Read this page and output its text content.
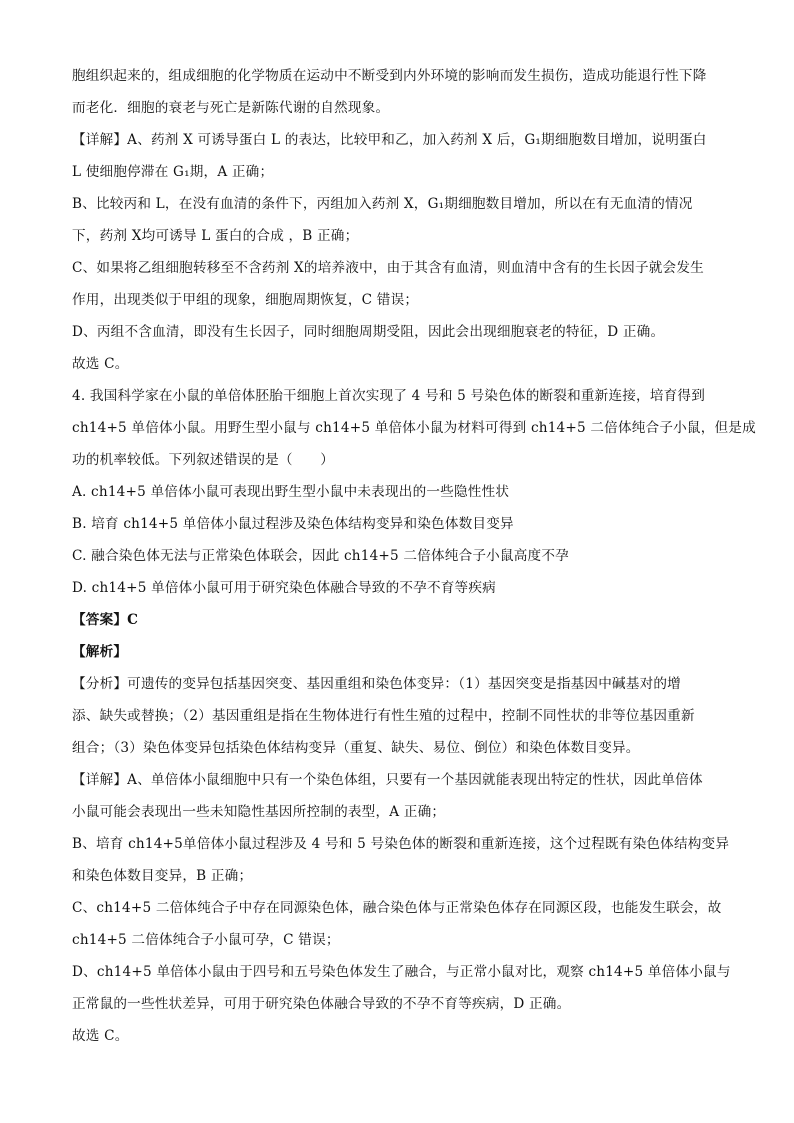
胞组织起来的，组成细胞的化学物质在运动中不断受到内外环境的影响而发生损伤，造成功能退行性下降
而老化．细胞的衰老与死亡是新陈代谢的自然现象。
【详解】A、药剂 X 可诱导蛋白 L 的表达，比较甲和乙，加入药剂 X 后，G₁期细胞数目增加，说明蛋白
L 使细胞停滞在 G₁期，A 正确；
B、比较丙和 L，在没有血清的条件下，丙组加入药剂 X，G₁期细胞数目增加，所以在有无血清的情况
下，药剂 X均可诱导 L 蛋白的合成 ，B 正确；
C、如果将乙组细胞转移至不含药剂 X的培养液中，由于其含有血清，则血清中含有的生长因子就会发生
作用，出现类似于甲组的现象，细胞周期恢复，C 错误；
D、丙组不含血清，即没有生长因子，同时细胞周期受阻，因此会出现细胞衰老的特征，D 正确。
故选 C。
4. 我国科学家在小鼠的单倍体胚胎干细胞上首次实现了 4 号和 5 号染色体的断裂和重新连接，培育得到
ch14+5 单倍体小鼠。用野生型小鼠与 ch14+5 单倍体小鼠为材料可得到 ch14+5 二倍体纯合子小鼠，但是成
功的机率较低。下列叙述错误的是（　　）
A. ch14+5 单倍体小鼠可表现出野生型小鼠中未表现出的一些隐性性状
B. 培育 ch14+5 单倍体小鼠过程涉及染色体结构变异和染色体数目变异
C. 融合染色体无法与正常染色体联会，因此 ch14+5 二倍体纯合子小鼠高度不孕
D. ch14+5 单倍体小鼠可用于研究染色体融合导致的不孕不育等疾病
【答案】C
【解析】
【分析】可遗传的变异包括基因突变、基因重组和染色体变异：（1）基因突变是指基因中碱基对的增
添、缺失或替换；（2）基因重组是指在生物体进行有性生殖的过程中，控制不同性状的非等位基因重新
组合；（3）染色体变异包括染色体结构变异（重复、缺失、易位、倒位）和染色体数目变异。
【详解】A、单倍体小鼠细胞中只有一个染色体组，只要有一个基因就能表现出特定的性状，因此单倍体
小鼠可能会表现出一些未知隐性基因所控制的表型，A 正确；
B、培育 ch14+5单倍体小鼠过程涉及 4 号和 5 号染色体的断裂和重新连接，这个过程既有染色体结构变异
和染色体数目变异，B 正确；
C、ch14+5 二倍体纯合子中存在同源染色体，融合染色体与正常染色体存在同源区段，也能发生联会，故
ch14+5 二倍体纯合子小鼠可孕，C 错误；
D、ch14+5 单倍体小鼠由于四号和五号染色体发生了融合，与正常小鼠对比，观察 ch14+5 单倍体小鼠与
正常鼠的一些性状差异，可用于研究染色体融合导致的不孕不育等疾病，D 正确。
故选 C。
